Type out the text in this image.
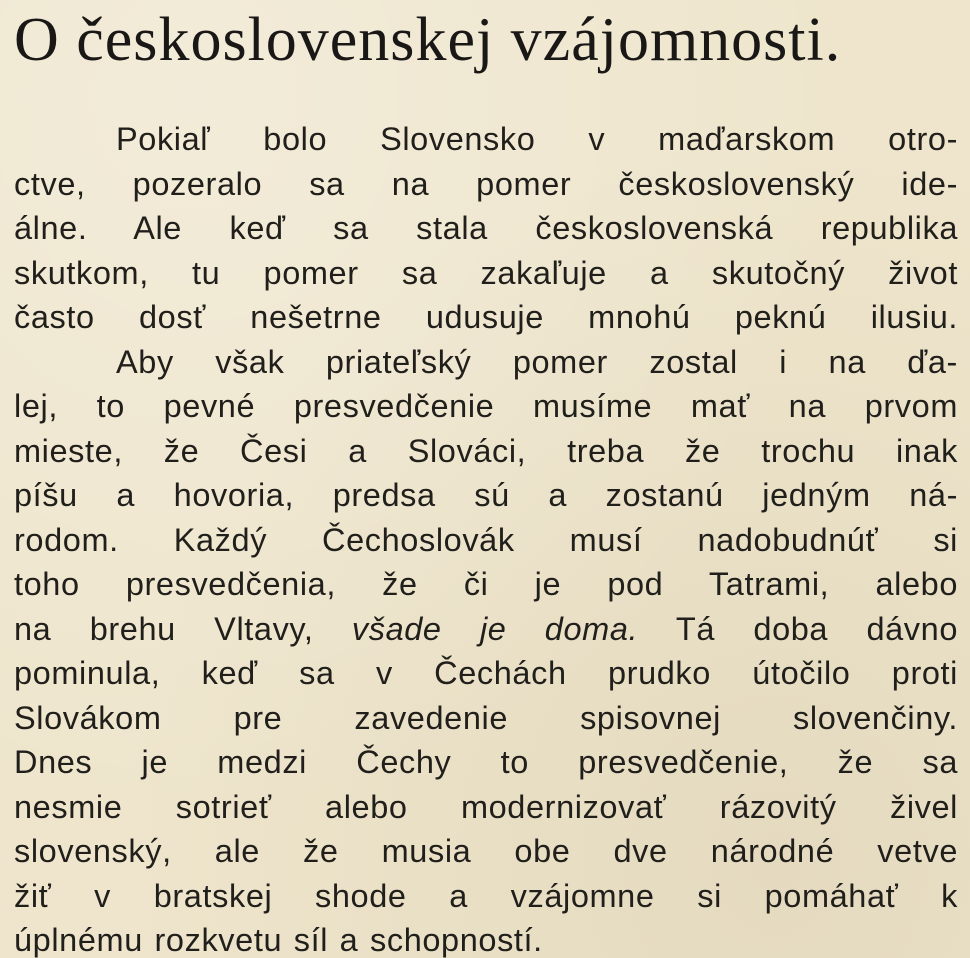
O československej vzájomnosti.

Pokiaľ bolo Slovensko v maďarskom otro-
ctve, pozeralo sa na pomer československý ide-
álne. Ale keď sa stala československá republika
skutkom, tu pomer sa zakaľuje a skutočný život
často dosť nešetrne udusuje mnohú peknú ilusiu.

Aby však priateľský pomer zostal i na ďa-
lej, to pevné presvedčenie musíme mať na prvom
mieste, že Česi a Slováci, treba že trochu inak
píšu a hovoria, predsa sú a zostanú jedným ná-
rodom. Každý Čechoslovák musí nadobudnúť si
toho presvedčenia, že či je pod Tatrami, alebo
na brehu Vltavy, všade je doma. Tá doba dávno
pominula, keď sa v Čechách prudko útočilo proti
Slovákom pre zavedenie spisovnej slovenčiny.
Dnes je medzi Čechy to presvedčenie, že sa
nesmie sotrieť alebo modernizovať rázovitý živel
slovenský, ale že musia obe dve národné vetve
žiť v bratskej shode a vzájomne si pomáhať k
úplnému rozkvetu síl a schopností.
